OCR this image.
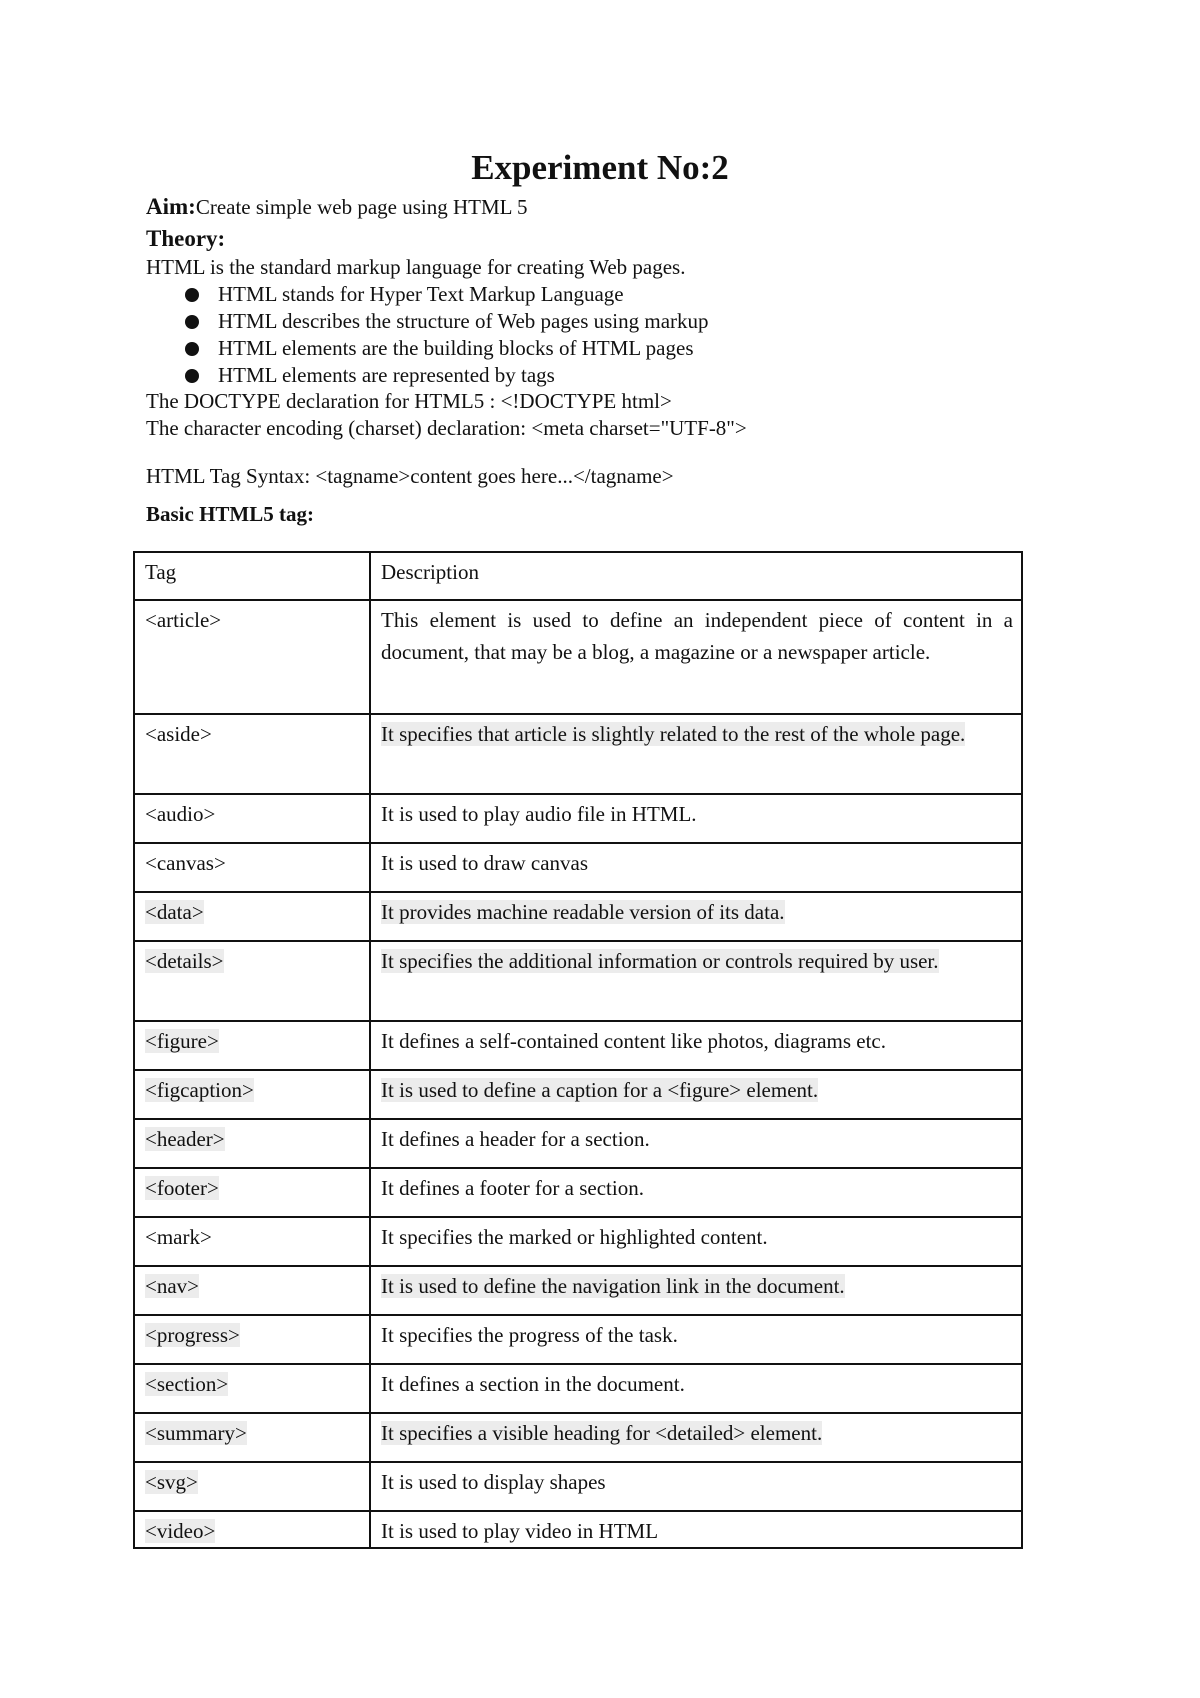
Experiment No:2
Aim:Create simple web page using HTML 5
Theory:
HTML is the standard markup language for creating Web pages.
HTML stands for Hyper Text Markup Language
HTML describes the structure of Web pages using markup
HTML elements are the building blocks of HTML pages
HTML elements are represented by tags
The DOCTYPE declaration for HTML5 : <!DOCTYPE html>
The character encoding (charset) declaration: <meta charset="UTF-8">
HTML Tag Syntax: <tagname>content goes here...</tagname>
Basic HTML5 tag:
Tag	Description
<article>	This element is used to define an independent piece of content in a document, that may be a blog, a magazine or a newspaper article.
<aside>	It specifies that article is slightly related to the rest of the whole page.
<audio>	It is used to play audio file in HTML.
<canvas>	It is used to draw canvas
<data>	It provides machine readable version of its data.
<details>	It specifies the additional information or controls required by user.
<figure>	It defines a self-contained content like photos, diagrams etc.
<figcaption>	It is used to define a caption for a <figure> element.
<header>	It defines a header for a section.
<footer>	It defines a footer for a section.
<mark>	It specifies the marked or highlighted content.
<nav>	It is used to define the navigation link in the document.
<progress>	It specifies the progress of the task.
<section>	It defines a section in the document.
<summary>	It specifies a visible heading for <detailed> element.
<svg>	It is used to display shapes
<video>	It is used to play video in HTML
